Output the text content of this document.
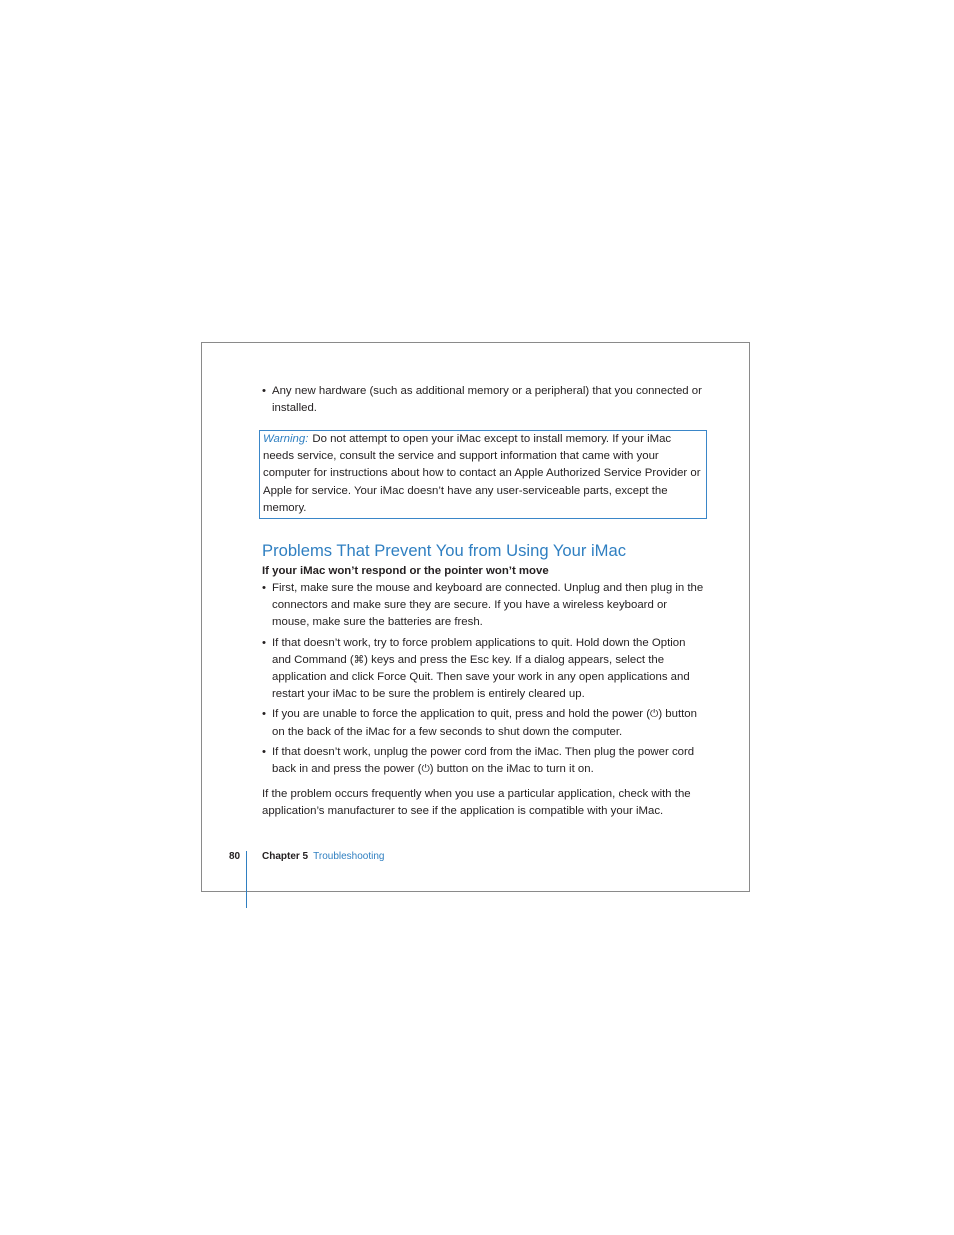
• Any new hardware (such as additional memory or a peripheral) that you connected or installed.
Warning: Do not attempt to open your iMac except to install memory. If your iMac needs service, consult the service and support information that came with your computer for instructions about how to contact an Apple Authorized Service Provider or Apple for service. Your iMac doesn’t have any user-serviceable parts, except the memory.
Problems That Prevent You from Using Your iMac
If your iMac won’t respond or the pointer won’t move
• First, make sure the mouse and keyboard are connected. Unplug and then plug in the connectors and make sure they are secure. If you have a wireless keyboard or mouse, make sure the batteries are fresh.
• If that doesn’t work, try to force problem applications to quit. Hold down the Option and Command (⌘) keys and press the Esc key. If a dialog appears, select the application and click Force Quit. Then save your work in any open applications and restart your iMac to be sure the problem is entirely cleared up.
• If you are unable to force the application to quit, press and hold the power (⏻) button on the back of the iMac for a few seconds to shut down the computer.
• If that doesn’t work, unplug the power cord from the iMac. Then plug the power cord back in and press the power (⏻) button on the iMac to turn it on.

If the problem occurs frequently when you use a particular application, check with the application’s manufacturer to see if the application is compatible with your iMac.

80 Chapter 5 Troubleshooting
